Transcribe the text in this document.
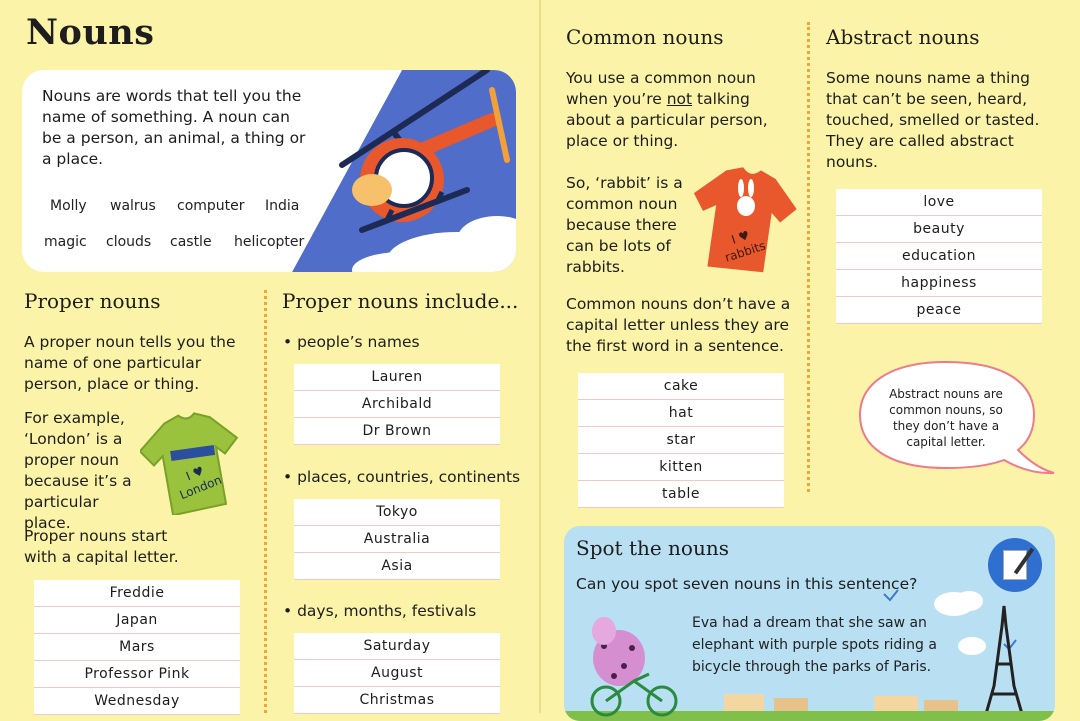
Nouns

Nouns are words that tell you the name of something. A noun can be a person, an animal, a thing or a place.

Molly walrus computer India
magic clouds castle helicopter
Proper nouns

A proper noun tells you the name of one particular person, place or thing.

For example, ‘London’ is a proper noun because it’s a particular place.

I ♥ London

Proper nouns start with a capital letter.

Freddie
Japan
Mars
Professor Pink
Wednesday
Proper nouns include...
• people’s names
Lauren
Archibald
Dr Brown
• places, countries, continents
Tokyo
Australia
Asia
• days, months, festivals
Saturday
August
Christmas
Common nouns

You use a common noun when you’re not talking about a particular person, place or thing.

So, ‘rabbit’ is a common noun because there can be lots of rabbits.

I ♥ rabbits

Common nouns don’t have a capital letter unless they are the first word in a sentence.

cake
hat
star
kitten
table
Abstract nouns

Some nouns name a thing that can’t be seen, heard, touched, smelled or tasted. They are called abstract nouns.

love
beauty
education
happiness
peace
Abstract nouns are common nouns, so they don’t have a capital letter.
Spot the nouns

Can you spot seven nouns in this sentence?

Eva had a dream that she saw an elephant with purple spots riding a bicycle through the parks of Paris.
